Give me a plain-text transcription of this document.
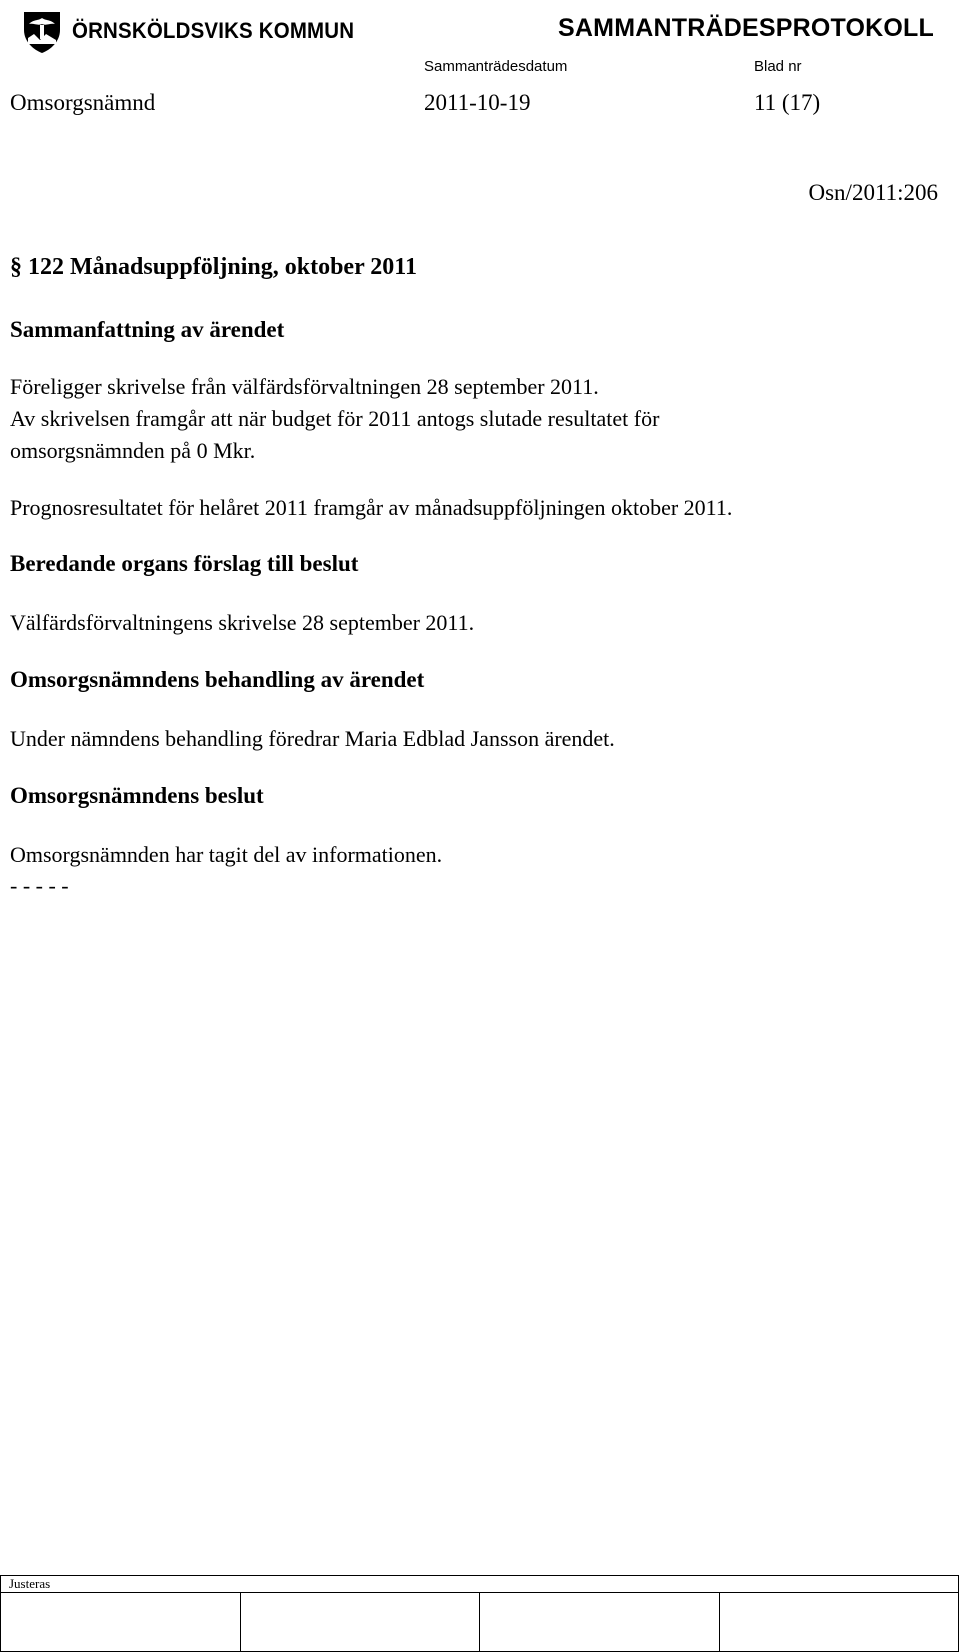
ÖRNSKÖLDSVIKS KOMMUN	SAMMANTRÄDESPROTOKOLL
Sammanträdesdatum	Blad nr
Omsorgsnämnd	2011-10-19	11 (17)
Osn/2011:206
§ 122 Månadsuppföljning, oktober 2011
Sammanfattning av ärendet
Föreligger skrivelse från välfärdsförvaltningen 28 september 2011.
Av skrivelsen framgår att när budget för 2011 antogs slutade resultatet för
omsorgsnämnden på 0 Mkr.
Prognosresultatet för helåret 2011 framgår av månadsuppföljningen oktober 2011.
Beredande organs förslag till beslut
Välfärdsförvaltningens skrivelse 28 september 2011.
Omsorgsnämndens behandling av ärendet
Under nämndens behandling föredrar Maria Edblad Jansson ärendet.
Omsorgsnämndens beslut
Omsorgsnämnden har tagit del av informationen.
- - - - -
Justeras
